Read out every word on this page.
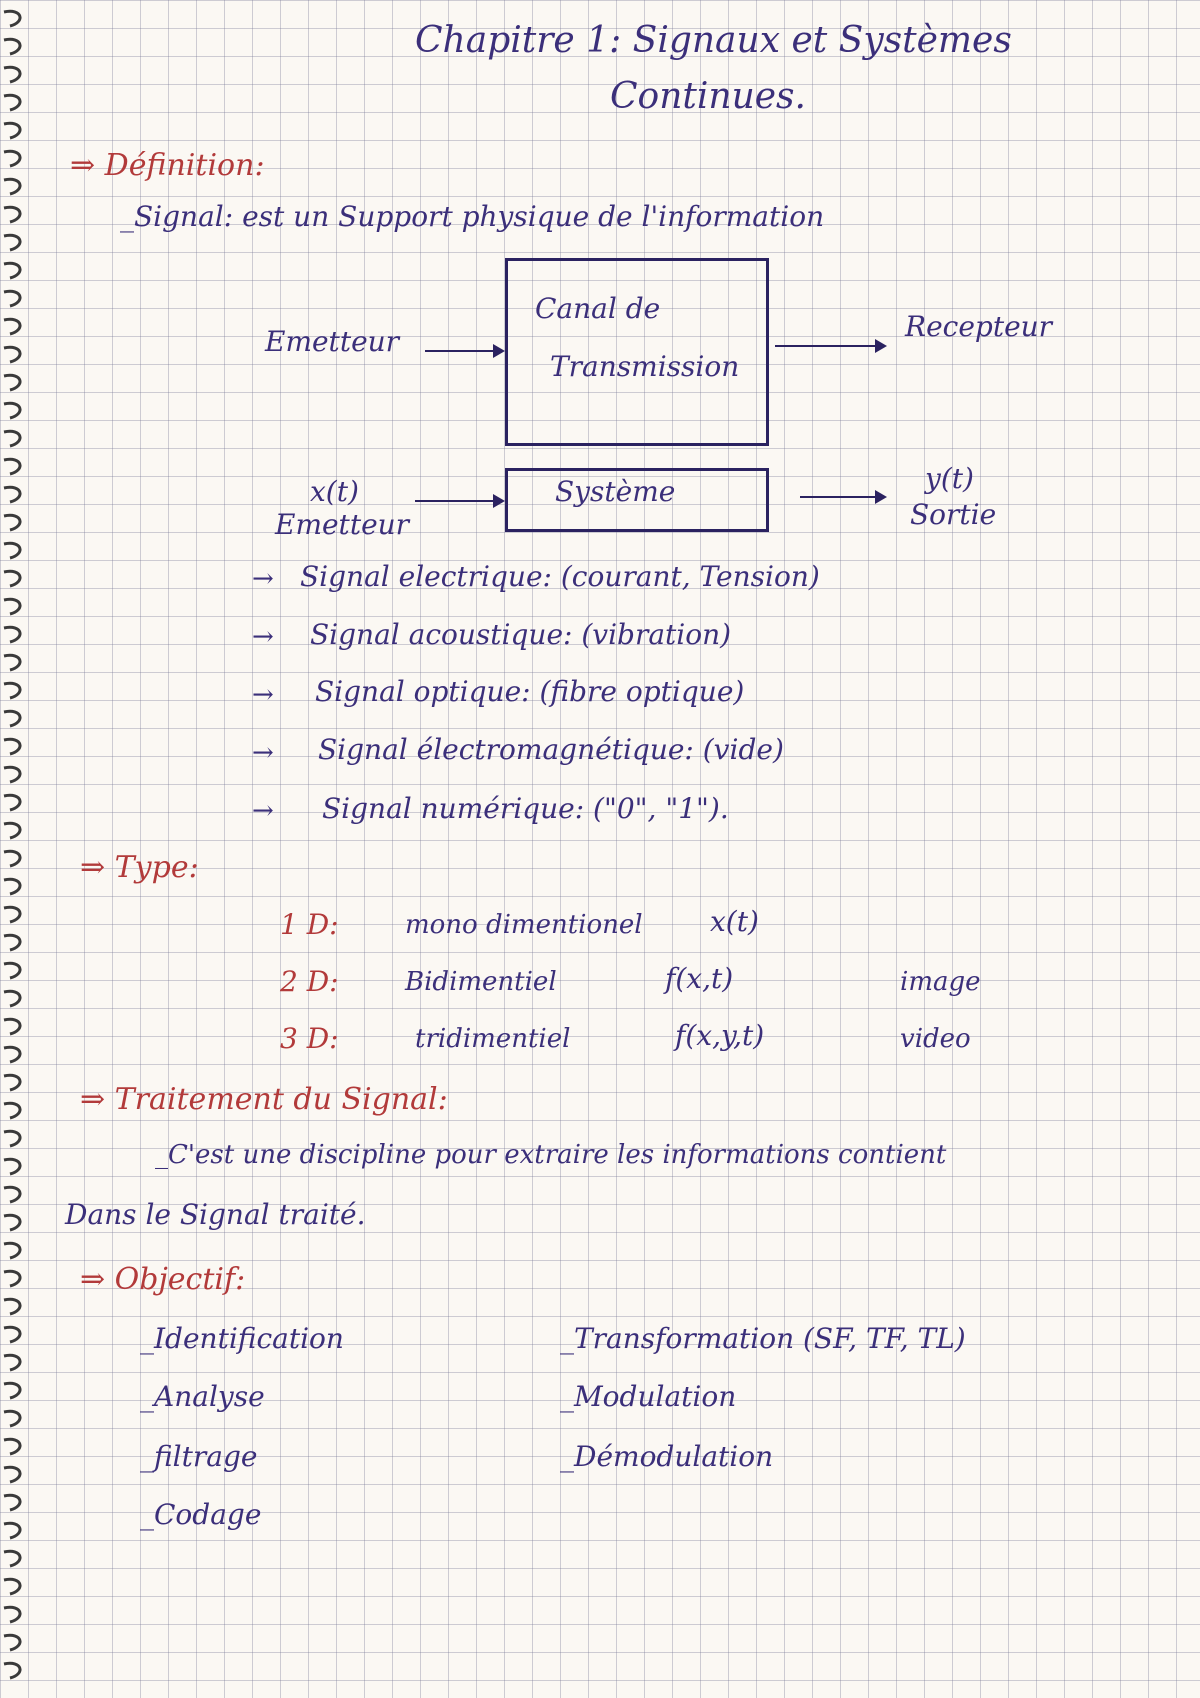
Chapitre 1: Signaux et Systèmes
Continues.
⇒ Définition:
_Signal: est un Support physique de l'information
Emetteur
Canal de
Transmission
Recepteur
x(t)
Emetteur
Système	y(t)
Sortie
→ Signal electrique: (courant, Tension)
→ Signal acoustique: (vibration)
→ Signal optique: (fibre optique)
→ Signal électromagnétique: (vide)
→ Signal numérique: ("0", "1").
⇒ Type:
1 D:	mono dimentionel x(t)
2 D:	Bidimentiel	f(x,t)	image
3 D:	tridimentiel	f(x,y,t)	video
⇒ Traitement du Signal:
_C'est une discipline pour extraire les informations contient
Dans le Signal traité.
⇒ Objectif:
_Identification
_Analyse
_filtrage
_Codage
_Transformation (SF, TF, TL)
_Modulation
_Démodulation
